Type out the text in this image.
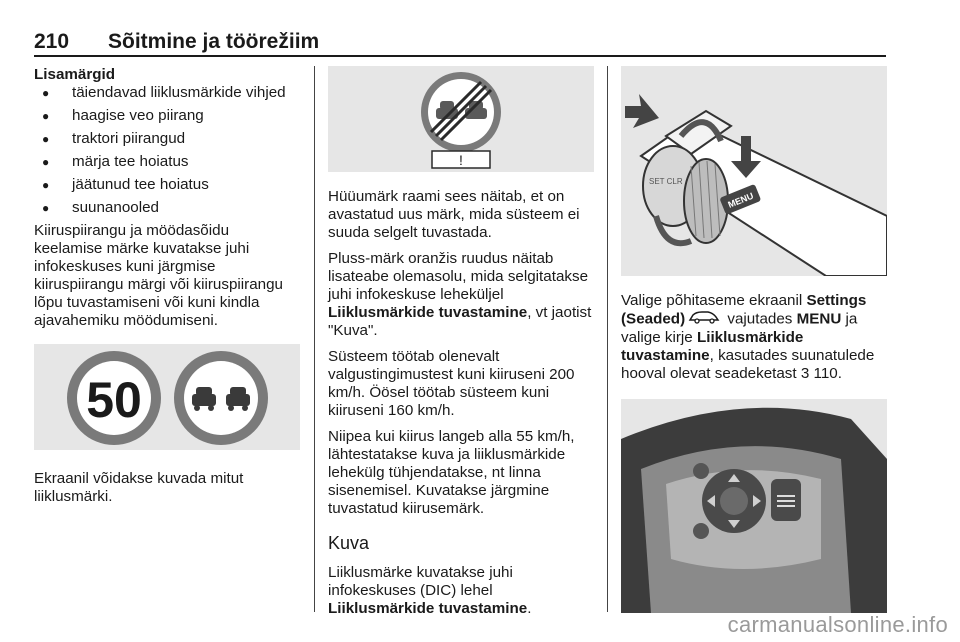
210 Sõitmine ja töörežiim
Lisamärgid
● täiendavad liiklusmärkide vihjed
● haagise veo piirang
● traktori piirangud
● märja tee hoiatus
● jäätunud tee hoiatus
● suunanooled

Kiiruspiirangu ja möödasõidu keelamise märke kuvatakse juhi infokeskuses kuni järgmise kiiruspiirangu märgi või kiiruspiirangu lõpu tuvastamiseni või kuni kindla ajavahemiku möödumiseni.

50

Ekraanil võidakse kuvada mitut liiklusmärki.

!

Hüüumärk raami sees näitab, et on avastatud uus märk, mida süsteem ei suuda selgelt tuvastada.

Pluss-märk oranžis ruudus näitab lisateabe olemasolu, mida selgitatakse juhi infokeskuse leheküljel Liiklusmärkide tuvastamine, vt jaotist "Kuva".

Süsteem töötab olenevalt valgustingimustest kuni kiiruseni 200 km/h. Öösel töötab süsteem kuni kiiruseni 160 km/h.

Niipea kui kiirus langeb alla 55 km/h, lähtestatakse kuva ja liiklusmärkide lehekülg tühjendatakse, nt linna sisenemisel. Kuvatakse järgmine tuvastatud kiirusemärk.

Kuva

Liiklusmärke kuvatakse juhi infokeskuses (DIC) lehel Liiklusmärkide tuvastamine.

SET CLR
MENU

Valige põhitaseme ekraanil Settings (Seaded)	vajutades MENU ja valige kirje Liiklusmärkide tuvastamine, kasutades suunatulede hooval olevat seadeketast 3 110.

carmanualsonline.info
